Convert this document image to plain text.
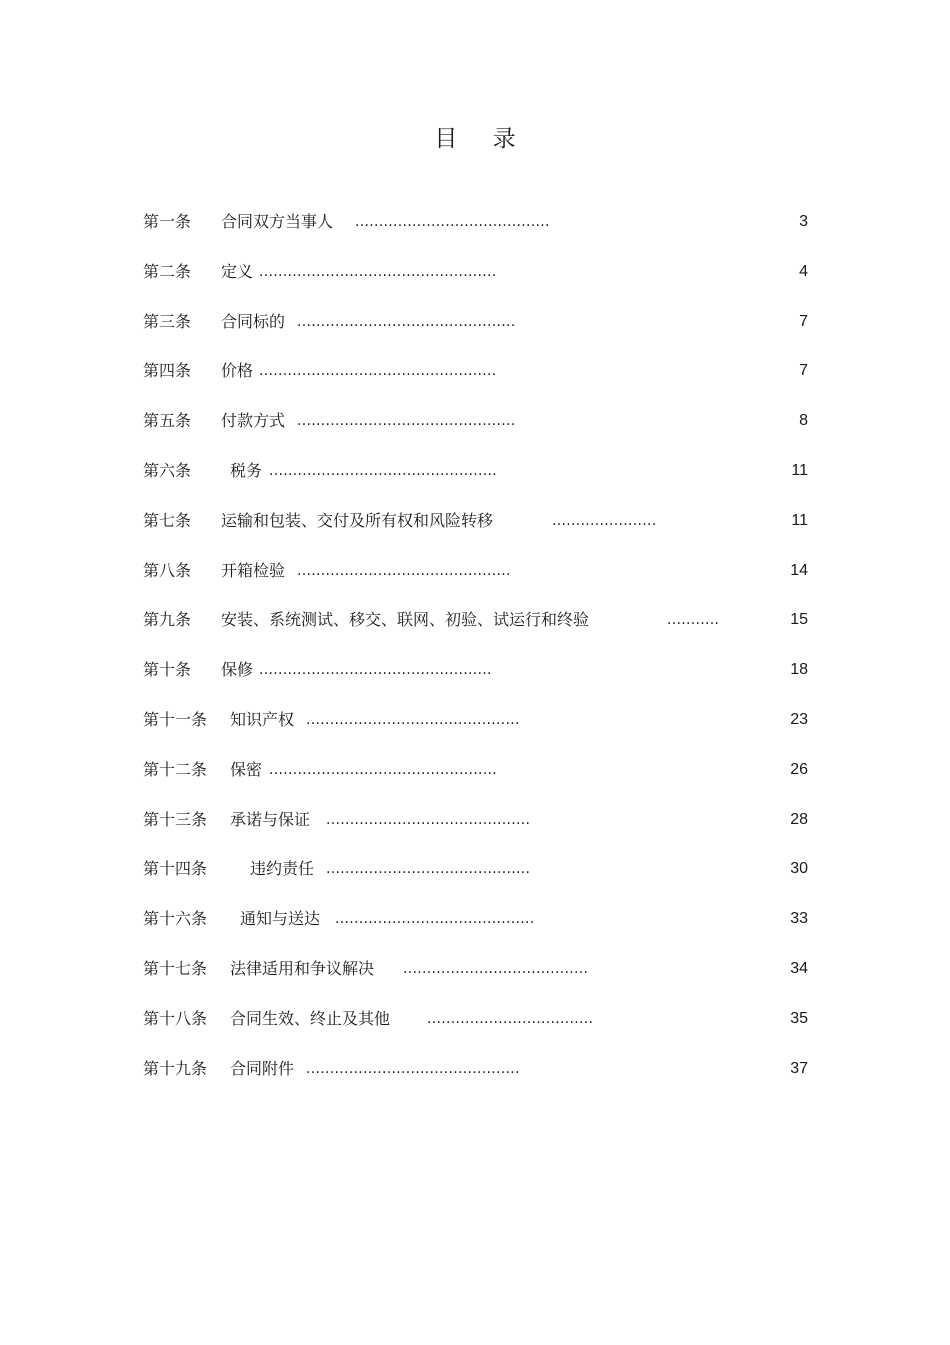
目 录
第一条 合同双方当事人 .........................................	3
第二条 定义 ..................................................	4
第三条 合同标的 ..............................................	7
第四条 价格 ..................................................	7
第五条 付款方式 ..............................................	8
第六条 税务 ................................................	11
第七条 运输和包装、交付及所有权和风险转移	......................	11
第八条 开箱检验 .............................................	14
第九条 安装、系统测试、移交、联网、初验、试运行和终验	...........	15
第十条 保修 .................................................	18
第十一条 知识产权 .............................................	23
第十二条 保密 ................................................	26
第十三条 承诺与保证 ...........................................	28
第十四条	违约责任 ...........................................	30
第十六条 通知与送达 ..........................................	33
第十七条 法律适用和争议解决 .......................................	34
第十八条 合同生效、终止及其他	...................................	35
第十九条 合同附件 .............................................	37
